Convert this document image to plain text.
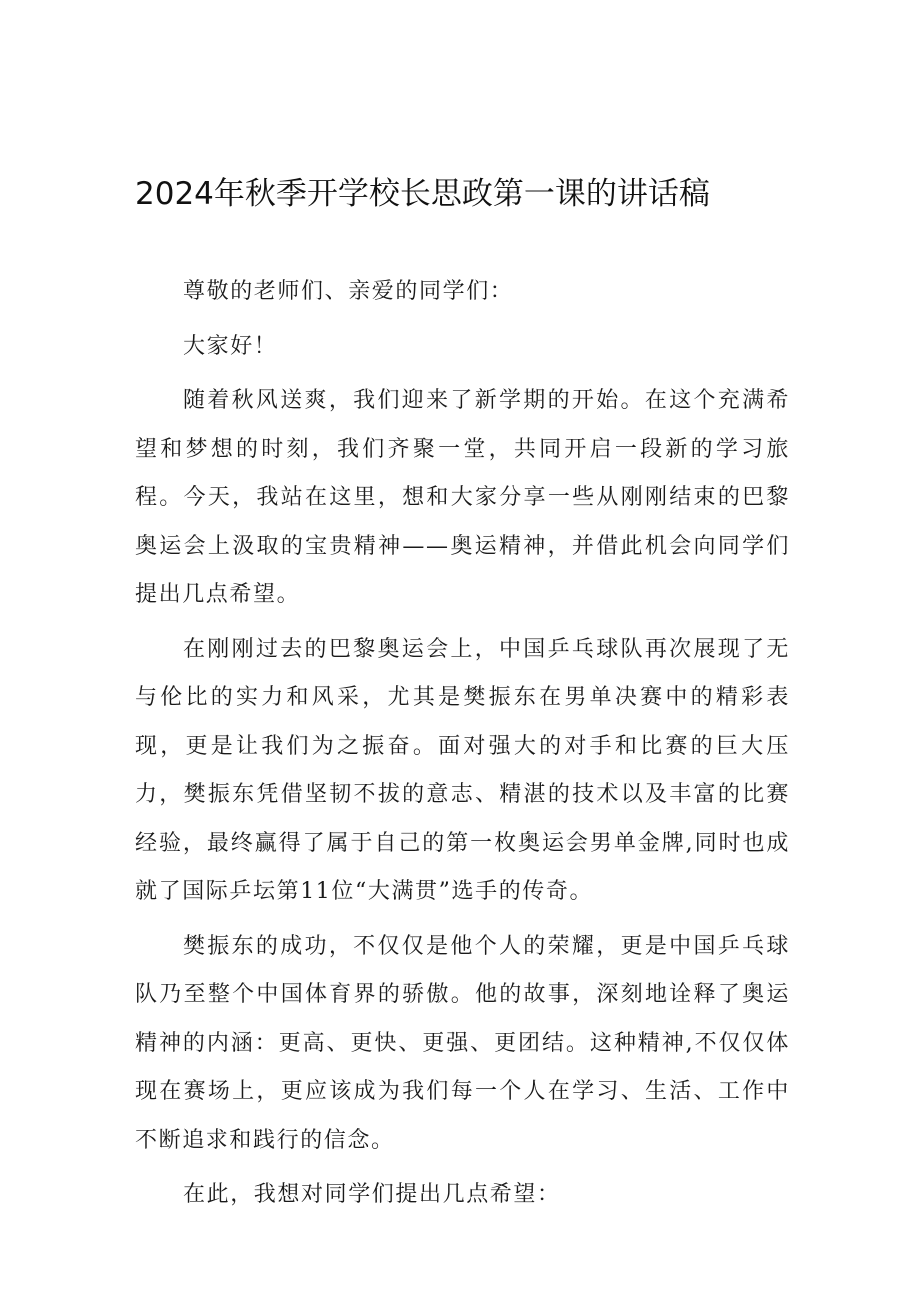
2024年秋季开学校长思政第一课的讲话稿

尊敬的老师们、亲爱的同学们：

大家好！

随着秋风送爽，我们迎来了新学期的开始。在这个充满希望和梦想的时刻，我们齐聚一堂，共同开启一段新的学习旅程。今天，我站在这里，想和大家分享一些从刚刚结束的巴黎奥运会上汲取的宝贵精神——奥运精神，并借此机会向同学们提出几点希望。

在刚刚过去的巴黎奥运会上，中国乒乓球队再次展现了无与伦比的实力和风采，尤其是樊振东在男单决赛中的精彩表现，更是让我们为之振奋。面对强大的对手和比赛的巨大压力，樊振东凭借坚韧不拔的意志、精湛的技术以及丰富的比赛经验，最终赢得了属于自己的第一枚奥运会男单金牌,同时也成就了国际乒坛第11位“大满贯”选手的传奇。

樊振东的成功，不仅仅是他个人的荣耀，更是中国乒乓球队乃至整个中国体育界的骄傲。他的故事，深刻地诠释了奥运精神的内涵：更高、更快、更强、更团结。这种精神,不仅仅体现在赛场上，更应该成为我们每一个人在学习、生活、工作中不断追求和践行的信念。

在此，我想对同学们提出几点希望：
